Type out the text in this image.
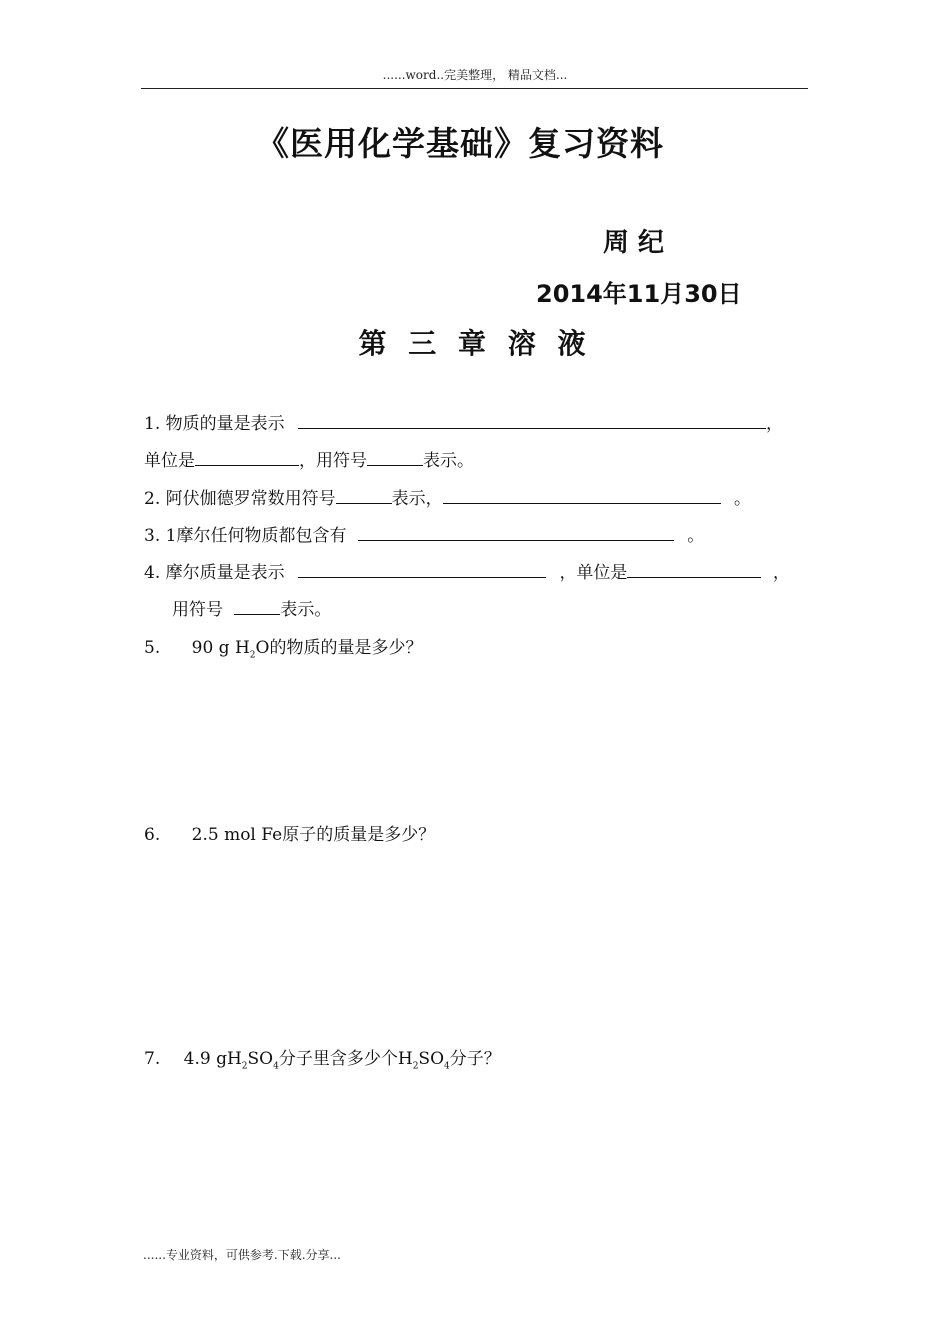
......word..完美整理， 精品文档...
《医用化学基础》复习资料
周 纪
2014年11月30日
第 三 章 溶 液
1. 物质的量是表示	，
单位是	，用符号	表示。
2. 阿伏伽德罗常数用符号	表示，	。
3. 1摩尔任何物质都包含有	。
4. 摩尔质量是表示	，单位是	，
用符号	表示。
5. 90 g $H_2O$的物质的量是多少？
6. 2.5 mol Fe原子的质量是多少？
7. 4.9 $gH_2SO_4$分子里含多少个$H_2SO_4$分子？
......专业资料，可供参考.下载.分享...
